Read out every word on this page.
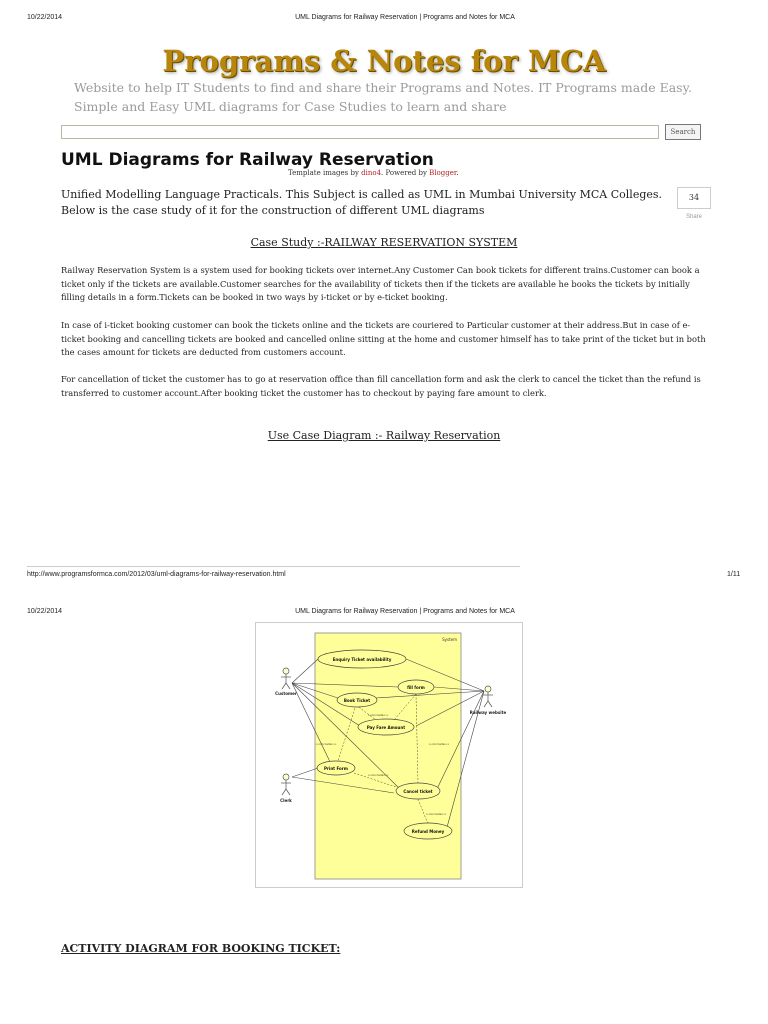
10/22/2014	UML Diagrams for Railway Reservation | Programs and Notes for MCA
Programs & Notes for MCA
Website to help IT Students to find and share their Programs and Notes. IT Programs made Easy.
Simple and Easy UML diagrams for Case Studies to learn and share
Search
UML Diagrams for Railway Reservation
Template images by dino4. Powered by Blogger.
Unified Modelling Language Practicals. This Subject is called as UML in Mumbai University MCA Colleges. Below is the case study of it for the construction of different UML diagrams
34
Share
Case Study :-RAILWAY RESERVATION SYSTEM
Railway Reservation System is a system used for booking tickets over internet.Any Customer Can book tickets for different trains.Customer can book a ticket only if the tickets are available.Customer searches for the availability of tickets then if the tickets are available he books the tickets by initially filling details in a form.Tickets can be booked in two ways by i-ticket or by e-ticket booking.
In case of i-ticket booking customer can book the tickets online and the tickets are couriered to Particular customer at their address.But in case of e-ticket booking and cancelling tickets are booked and cancelled online sitting at the home and customer himself has to take print of the ticket but in both the cases amount for tickets are deducted from customers account.
For cancellation of ticket the customer has to go at reservation office than fill cancellation form and ask the clerk to cancel the ticket than the refund is transferred to customer account.After booking ticket the customer has to checkout by paying fare amount to clerk.
Use Case Diagram :- Railway Reservation
http://www.programsformca.com/2012/03/uml-diagrams-for-railway-reservation.html	1/11
10/22/2014	UML Diagrams for Railway Reservation | Programs and Notes for MCA
System
<<include>>
<<include>>	<<include>>
<<include>>
<<include>>
Enquiry Ticket availability
fill form
Book Ticket
Pay Fare Amount
Print Form
Cancel ticket
Refund Money
Customer
Railway website
Clerk
ACTIVITY DIAGRAM FOR BOOKING TICKET:
